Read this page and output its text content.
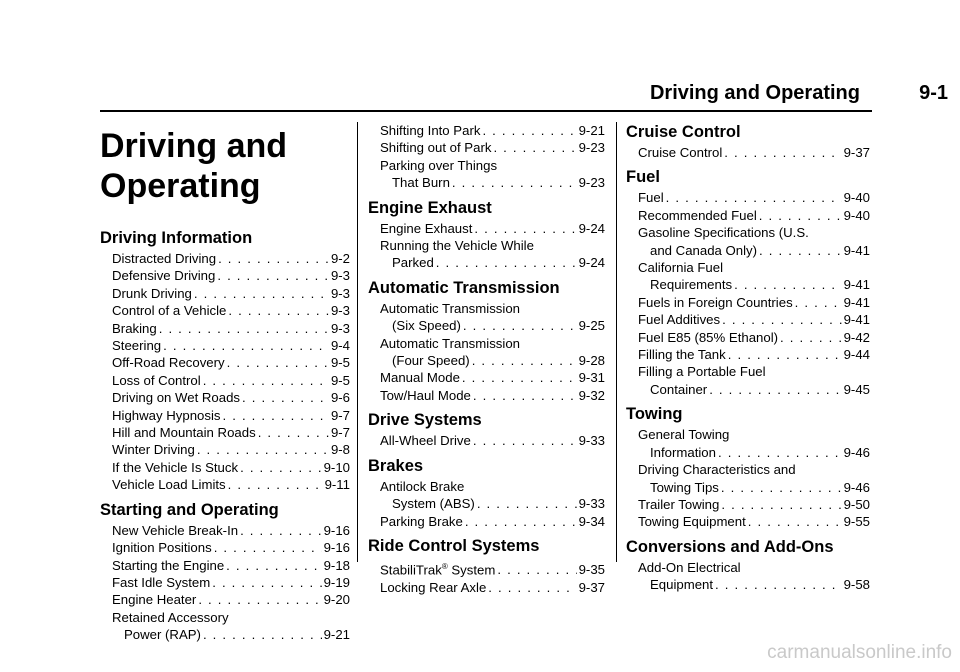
Driving and Operating	9-1
Driving and
Operating
Driving Information
Distracted Driving . . .	9-2
Defensive Driving . . .	9-3
Drunk Driving . . .	9-3
Control of a Vehicle . . .	9-3
Braking . . .	9-3
Steering . . .	9-4
Off-Road Recovery . . .	9-5
Loss of Control . . .	9-5
Driving on Wet Roads . . .	9-6
Highway Hypnosis . . .	9-7
Hill and Mountain Roads . . .	9-7
Winter Driving . . .	9-8
If the Vehicle Is Stuck . . .	9-10
Vehicle Load Limits . . .	9-11
Starting and Operating
New Vehicle Break-In . . .	9-16
Ignition Positions . . .	9-16
Starting the Engine . . .	9-18
Fast Idle System . . .	9-19
Engine Heater . . .	9-20
Retained Accessory
Power (RAP) . . .	9-21
Shifting Into Park . . .	9-21
Shifting out of Park . . .	9-23
Parking over Things
That Burn . . .	9-23
Engine Exhaust
Engine Exhaust . . .	9-24
Running the Vehicle While
Parked . . .	9-24
Automatic Transmission
Automatic Transmission
(Six Speed) . . .	9-25
Automatic Transmission
(Four Speed) . . .	9-28
Manual Mode . . .	9-31
Tow/Haul Mode . . .	9-32
Drive Systems
All-Wheel Drive . . .	9-33
Brakes
Antilock Brake
System (ABS) . . .	9-33
Parking Brake . . .	9-34
Ride Control Systems
StabiliTrak® System . . .	9-35
Locking Rear Axle . . .	9-37
Cruise Control
Cruise Control . . .	9-37
Fuel
Fuel . . .	9-40
Recommended Fuel . . .	9-40
Gasoline Specifications (U.S.
and Canada Only) . . .	9-41
California Fuel
Requirements . . .	9-41
Fuels in Foreign Countries . . .	9-41
Fuel Additives . . .	9-41
Fuel E85 (85% Ethanol) . . .	9-42
Filling the Tank . . .	9-44
Filling a Portable Fuel
Container . . .	9-45
Towing
General Towing
Information . . .	9-46
Driving Characteristics and
Towing Tips . . .	9-46
Trailer Towing . . .	9-50
Towing Equipment . . .	9-55
Conversions and Add-Ons
Add-On Electrical
Equipment . . .	9-58
carmanualsonline.info
